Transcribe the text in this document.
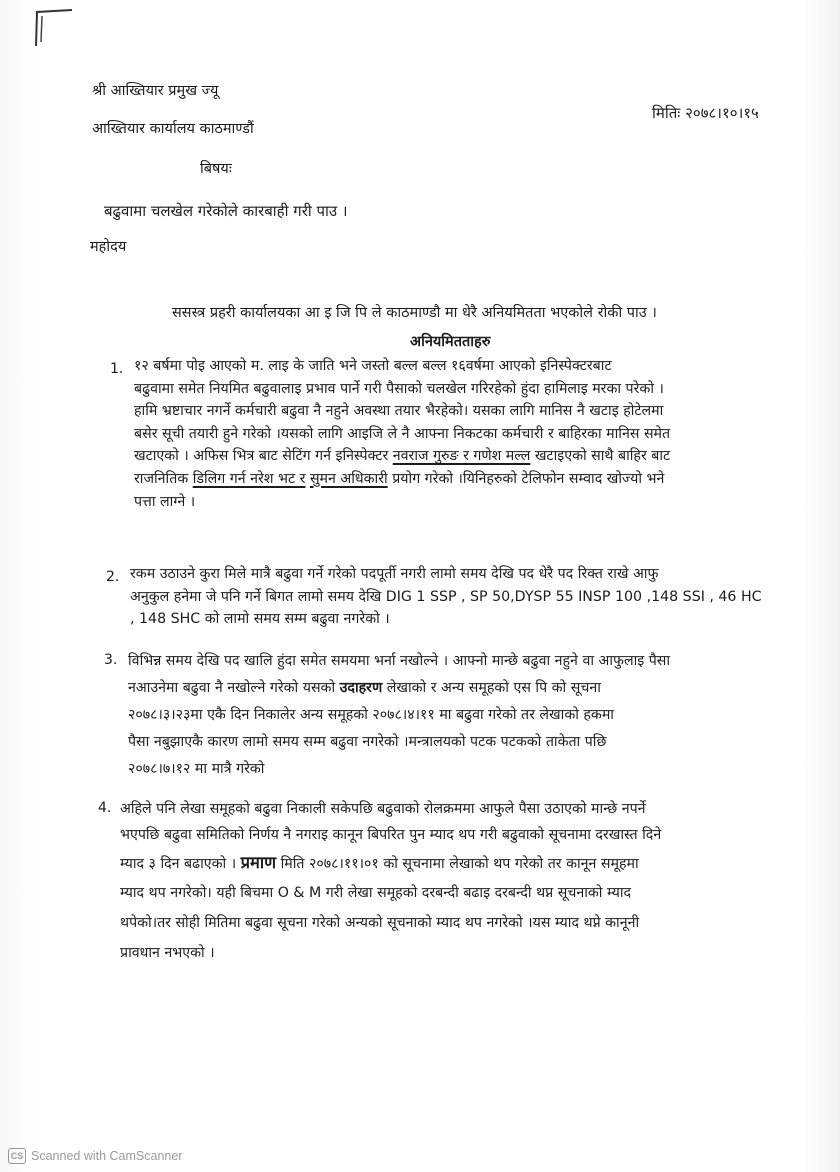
श्री आख्तियार प्रमुख ज्यू
आख्तियार कार्यालय काठमाण्डौं
मितिः २०७८।१०।१५
बिषयः
बढुवामा चलखेल गरेकोले कारबाही गरी पाउ ।
महोदय
ससस्त्र प्रहरी कार्यालयका आ इ जि पि ले काठमाण्डौ मा धेरै अनियमितता भएकोले रोकी पाउ ।
अनियमितताहरु
1. १२ बर्षमा पोइ आएको म. लाइ के जाति भने जस्तो बल्ल बल्ल १६वर्षमा आएको इनिस्पेक्टरबाट
बढुवामा समेत नियमित बढुवालाइ प्रभाव पार्ने गरी पैसाको चलखेल गरिरहेको हुंदा हामिलाइ मरका परेको ।
हामि भ्रष्टाचार नगर्ने कर्मचारी बढुवा नै नहुने अवस्था तयार भैरहेको। यसका लागि मानिस नै खटाइ होटेलमा
बसेर सूची तयारी हुने गरेको ।यसको लागि आइजि ले नै आफ्ना निकटका कर्मचारी र बाहिरका मानिस समेत
खटाएको । अफिस भित्र बाट सेटिंग गर्न इनिस्पेक्टर नवराज गुरुङ र गणेश मल्ल खटाइएको साथै बाहिर बाट
राजनितिक डिलिग गर्न नरेश भट र सुमन अधिकारी प्रयोग गरेको ।यिनिहरुको टेलिफोन सम्वाद खोज्यो भने
पत्ता लाग्ने ।
2. रकम उठाउने कुरा मिले मात्रै बढुवा गर्ने गरेको पदपूर्ती नगरी लामो समय देखि पद धेरै पद रिक्त राखे आफु
अनुकुल हनेमा जे पनि गर्ने बिगत लामो समय देखि DIG 1 SSP , SP 50,DYSP 55 INSP 100 ,148 SSI , 46 HC
, 148 SHC को लामो समय सम्म बढुवा नगरेको ।
3. विभिन्न समय देखि पद खालि हुंदा समेत समयमा भर्ना नखोल्ने । आफ्नो मान्छे बढुवा नहुने वा आफुलाइ पैसा
नआउनेमा बढुवा नै नखोल्ने गरेको यसको उदाहरण लेखाको र अन्य समूहको एस पि को सूचना
२०७८।३।२३मा एकै दिन निकालेर अन्य समूहको २०७८।४।११ मा बढुवा गरेको तर लेखाको हकमा
पैसा नबुझाएकै कारण लामो समय सम्म बढुवा नगरेको ।मन्त्रालयको पटक पटकको ताकेता पछि
२०७८।७।१२ मा मात्रै गरेको
4. अहिले पनि लेखा समूहको बढुवा निकाली सकेपछि बढुवाको रोलक्रममा आफुले पैसा उठाएको मान्छे नपर्ने
भएपछि बढुवा समितिको निर्णय नै नगराइ कानून बिपरित पुन म्याद थप गरी बढुवाको सूचनामा दरखास्त दिने
म्याद ३ दिन बढाएको । प्रमाण मिति २०७८।११।०१ को सूचनामा लेखाको थप गरेको तर कानून समूहमा
म्याद थप नगरेको। यही बिचमा O & M गरी लेखा समूहको दरबन्दी बढाइ दरबन्दी थप्न सूचनाको म्याद
थपेको।तर सोही मितिमा बढुवा सूचना गरेको अन्यको सूचनाको म्याद थप नगरेको ।यस म्याद थप्ने कानूनी
प्रावधान नभएको ।
CS Scanned with CamScanner
